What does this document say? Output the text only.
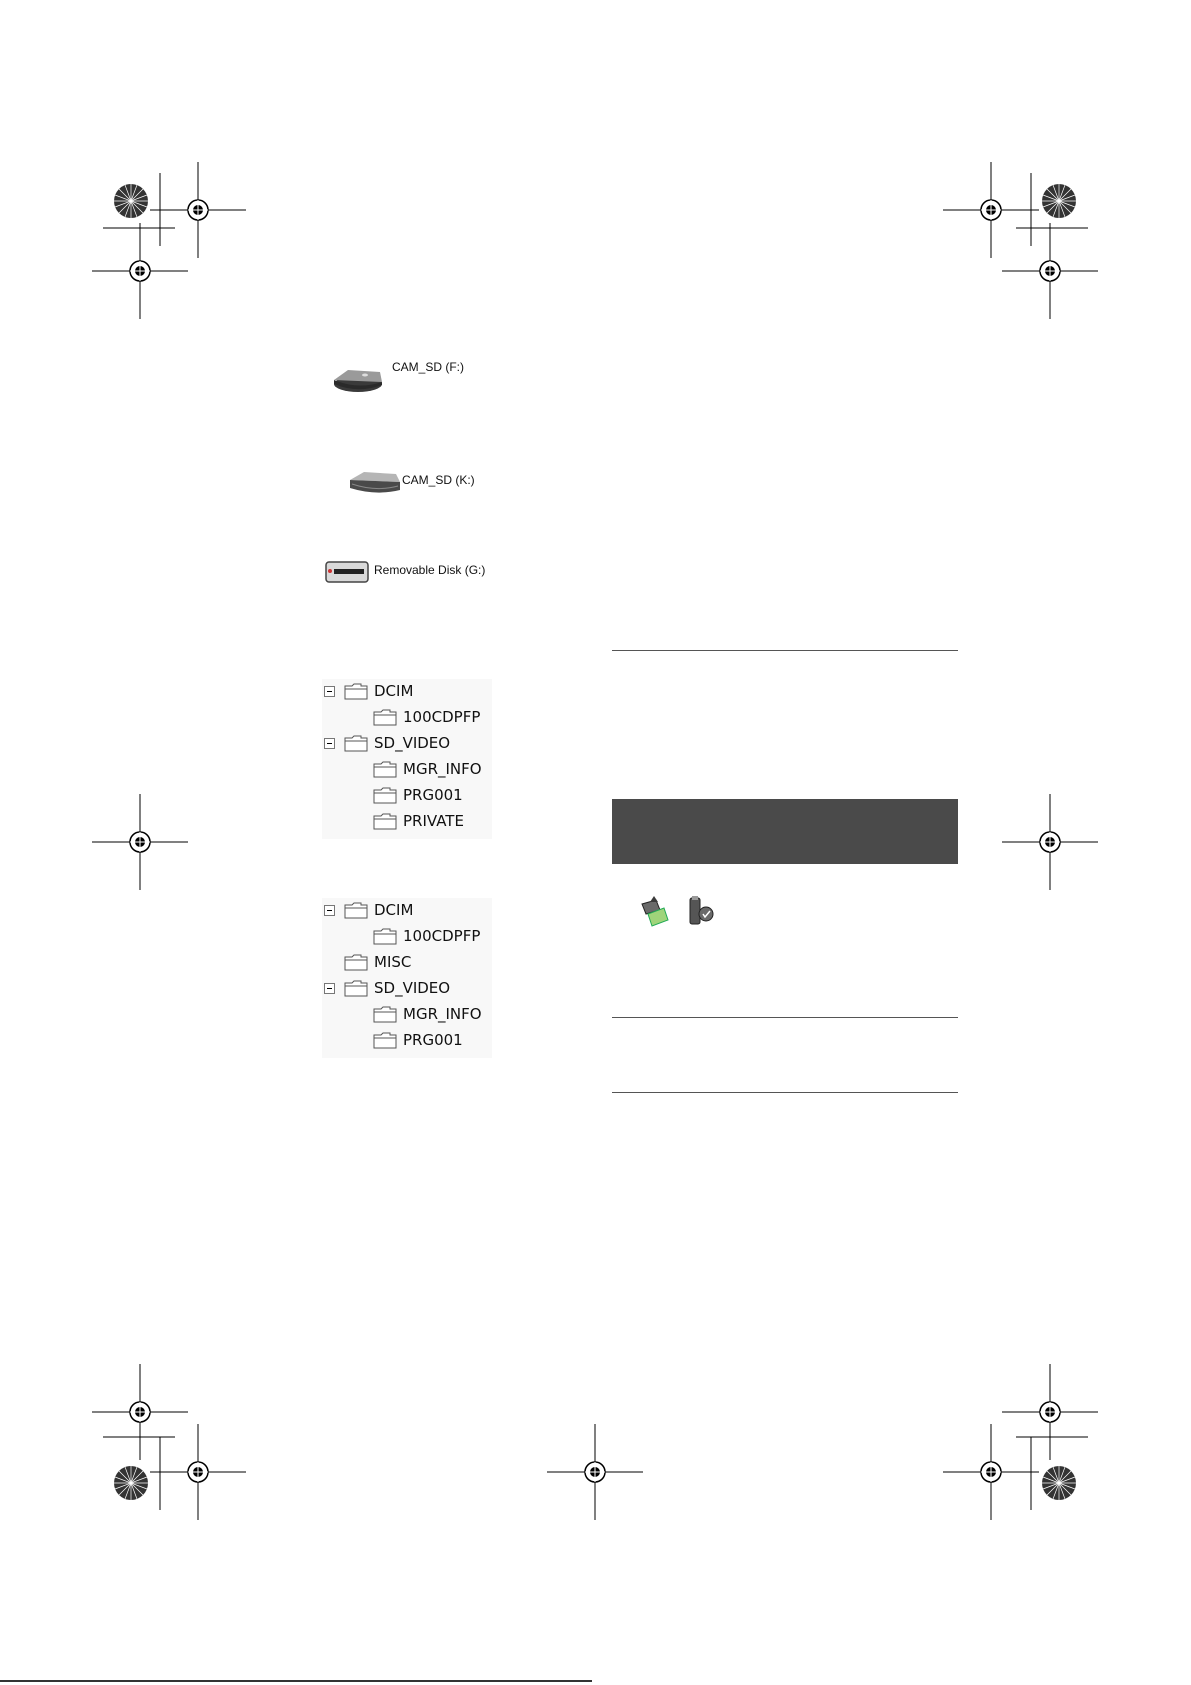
CAM_SD (F:)
CAM_SD (K:)
Removable Disk (G:)
DCIM
100CDPFP
SD_VIDEO
MGR_INFO
PRG001
PRIVATE
DCIM
100CDPFP
MISC
SD_VIDEO
MGR_INFO
PRG001
